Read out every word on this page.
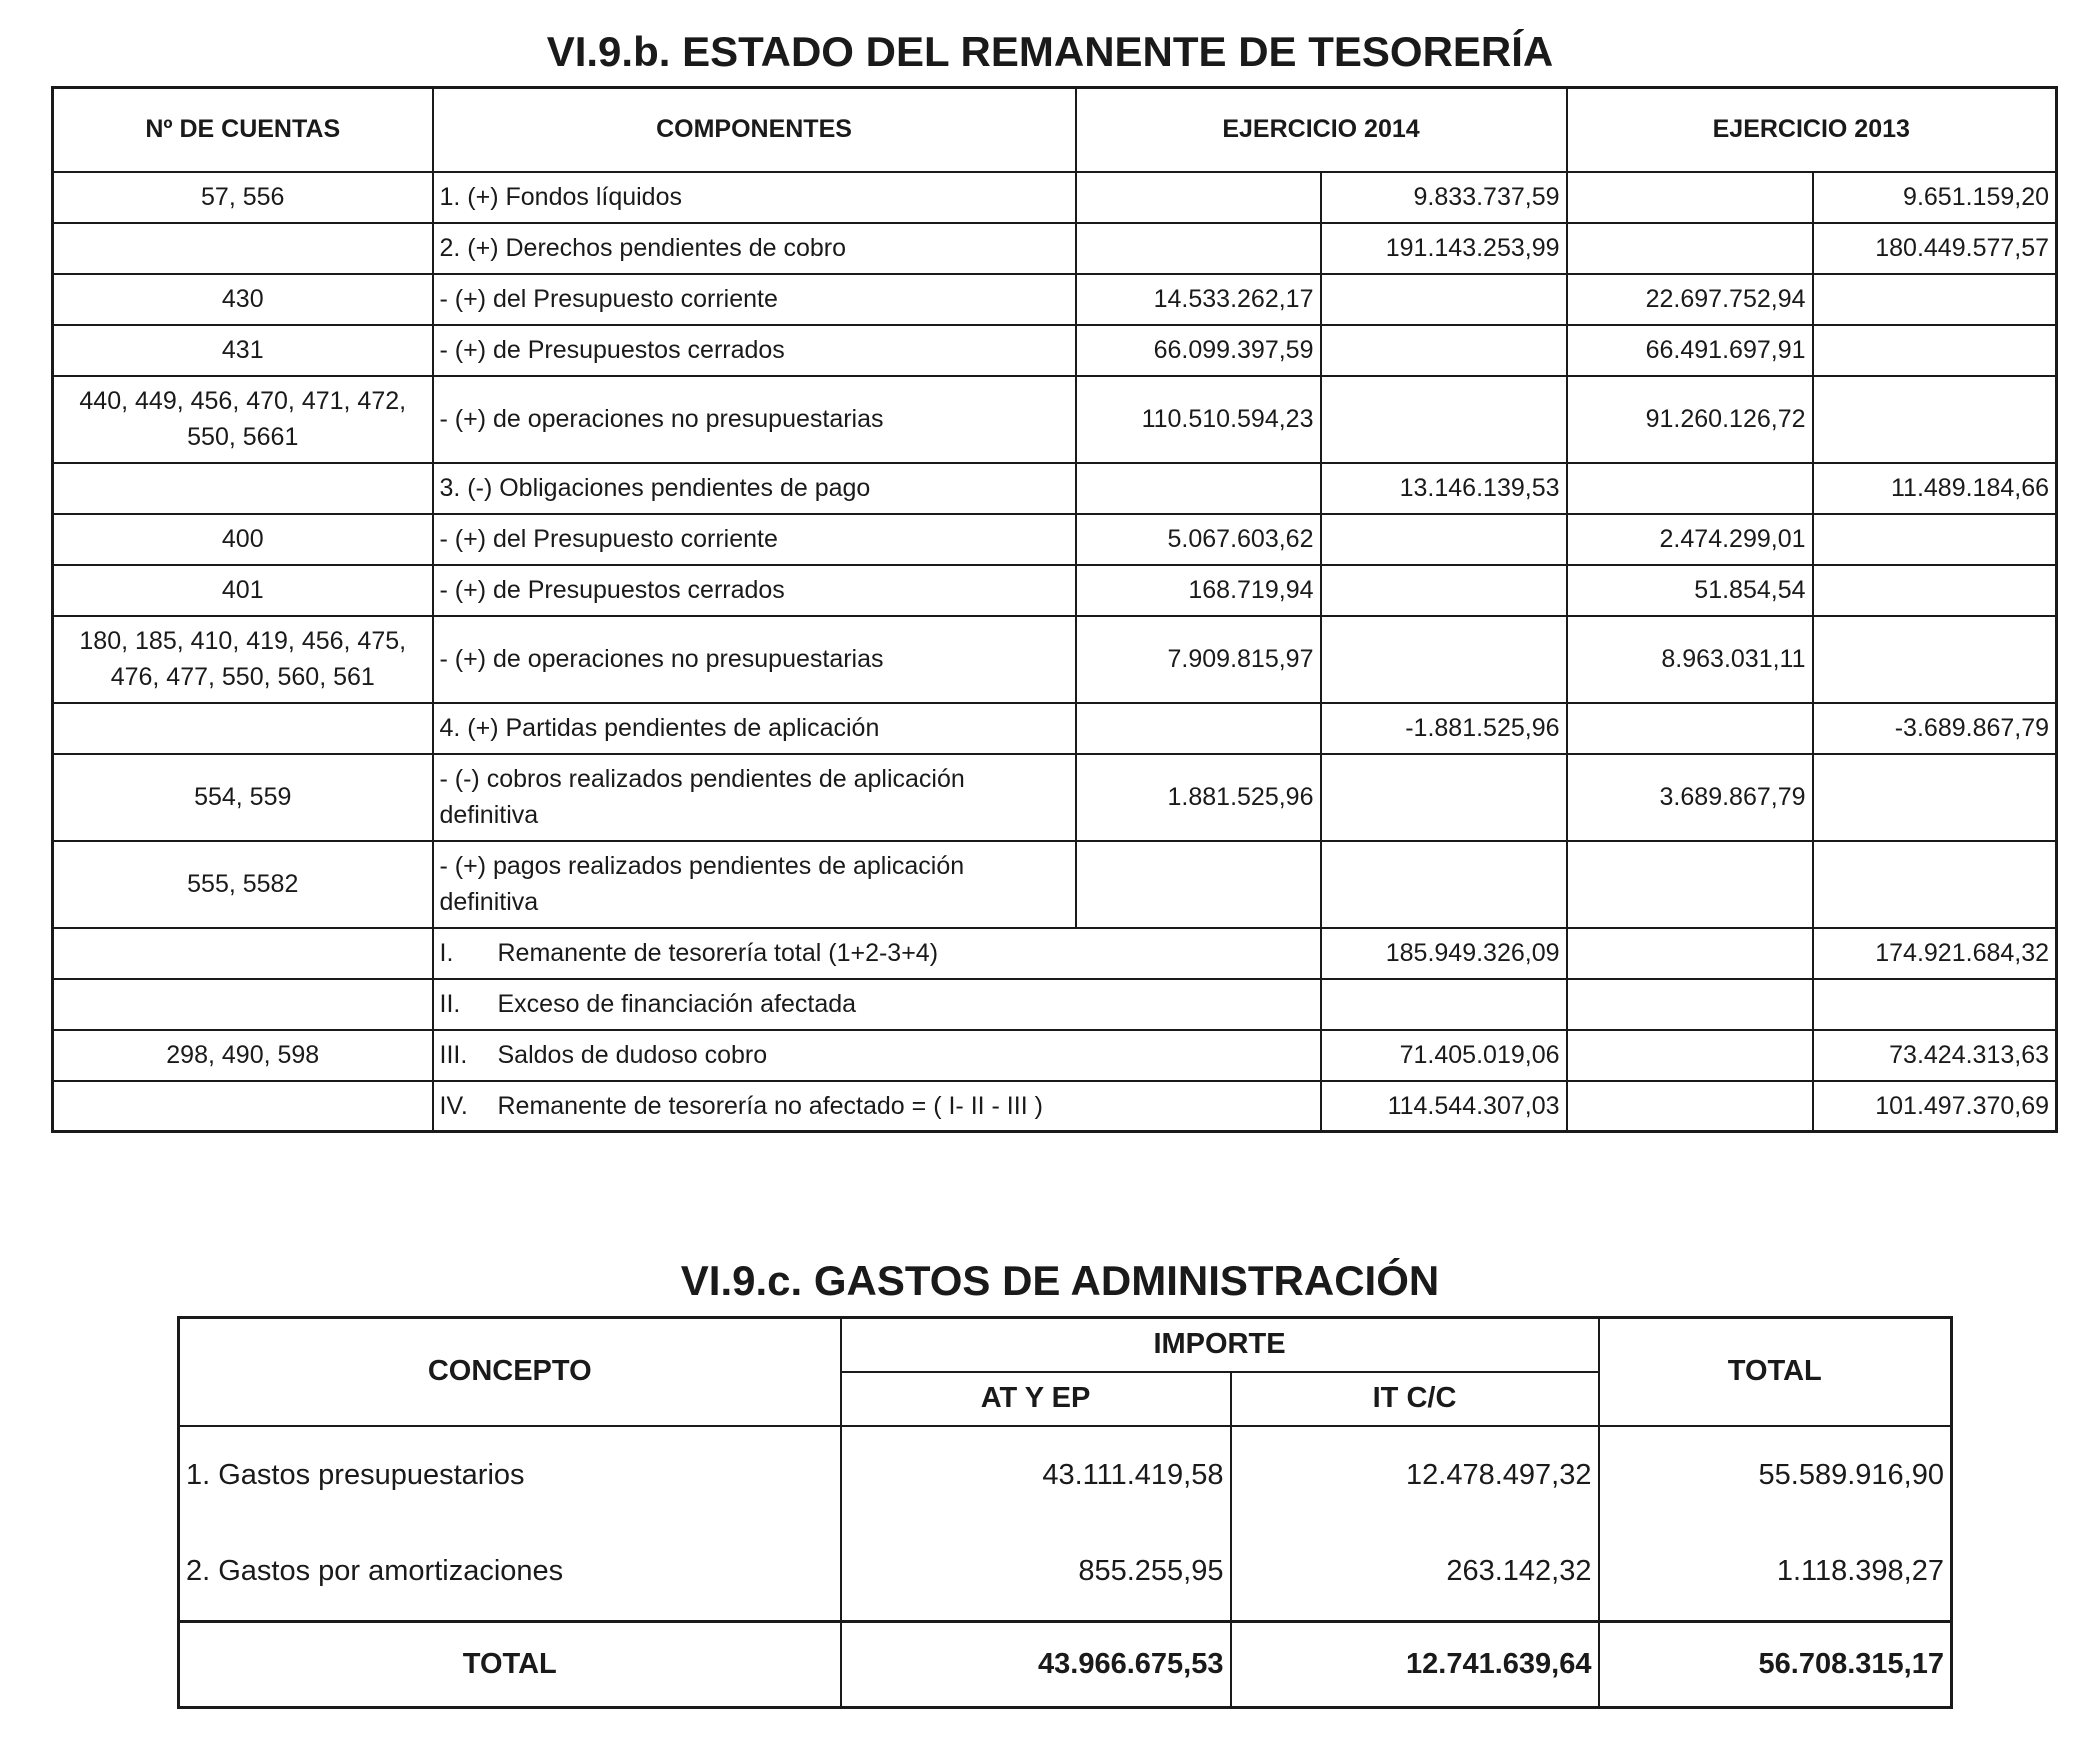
VI.9.b. ESTADO DEL REMANENTE DE TESORERÍA
Nº DE CUENTAS	COMPONENTES	EJERCICIO 2014		EJERCICIO 2013	
57, 556	1. (+) Fondos líquidos		9.833.737,59		9.651.159,20
	2. (+) Derechos pendientes de cobro		191.143.253,99		180.449.577,57
430	- (+) del Presupuesto corriente	14.533.262,17		22.697.752,94	
431	- (+) de Presupuestos cerrados	66.099.397,59		66.491.697,91	
440, 449, 456, 470, 471, 472, 550, 5661	- (+) de operaciones no presupuestarias	110.510.594,23		91.260.126,72	
	3. (-) Obligaciones pendientes de pago		13.146.139,53		11.489.184,66
400	- (+) del Presupuesto corriente	5.067.603,62		2.474.299,01	
401	- (+) de Presupuestos cerrados	168.719,94		51.854,54	
180, 185, 410, 419, 456, 475, 476, 477, 550, 560, 561	- (+) de operaciones no presupuestarias	7.909.815,97		8.963.031,11	
	4. (+) Partidas pendientes de aplicación		-1.881.525,96		-3.689.867,79
554, 559	- (-) cobros realizados pendientes de aplicación definitiva	1.881.525,96		3.689.867,79	
555, 5582	- (+) pagos realizados pendientes de aplicación definitiva				
	I. Remanente de tesorería total (1+2-3+4)		185.949.326,09		174.921.684,32
	II. Exceso de financiación afectada				
298, 490, 598	III. Saldos de dudoso cobro		71.405.019,06		73.424.313,63
	IV. Remanente de tesorería no afectado = ( I- II - III )		114.544.307,03		101.497.370,69
VI.9.c. GASTOS DE ADMINISTRACIÓN
CONCEPTO	IMPORTE		TOTAL
	AT Y EP	IT C/C	
1. Gastos presupuestarios	43.111.419,58	12.478.497,32	55.589.916,90
2. Gastos por amortizaciones	855.255,95	263.142,32	1.118.398,27
TOTAL	43.966.675,53	12.741.639,64	56.708.315,17
